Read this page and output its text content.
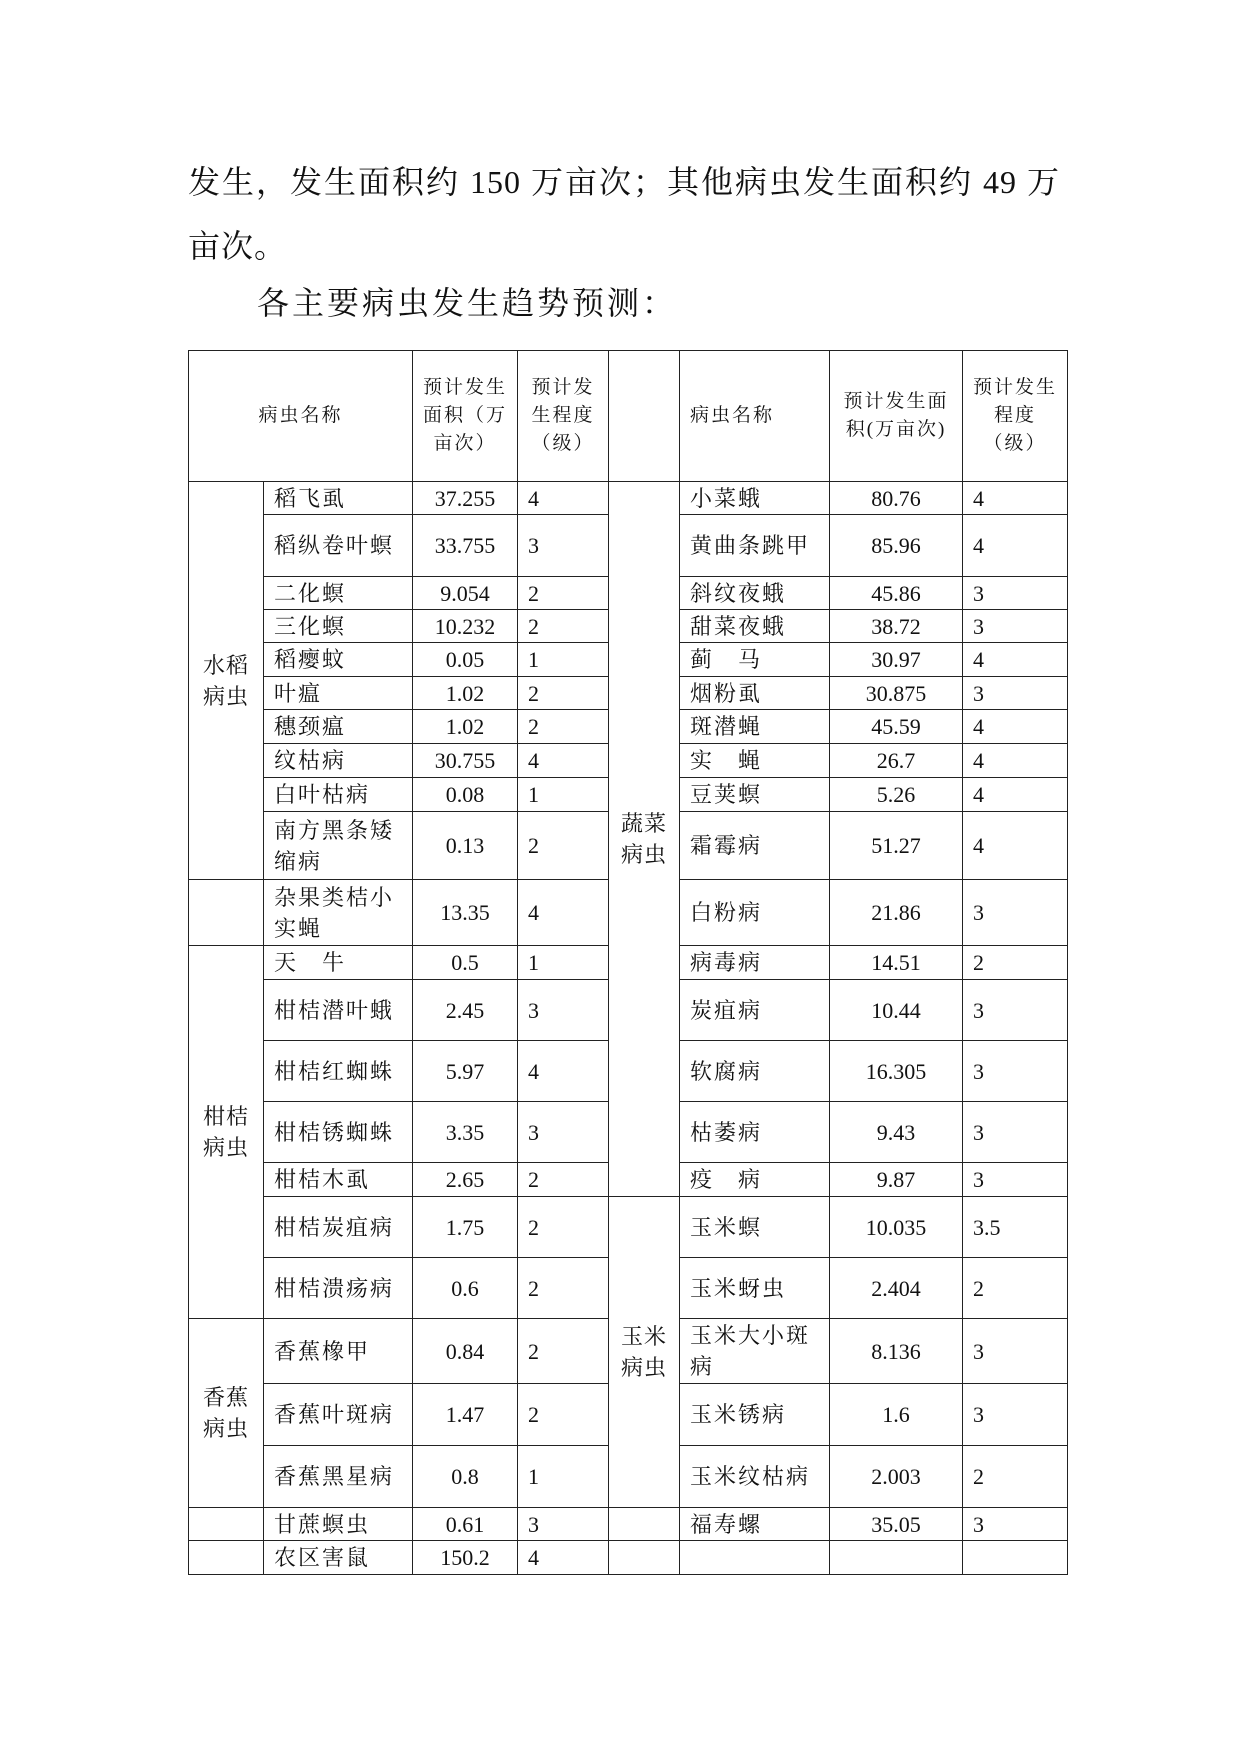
发生，发生面积约 150 万亩次；其他病虫发生面积约 49 万
亩次。
各主要病虫发生趋势预测：
病虫名称		预计发生面积（万亩次）	预计发生程度（级）		病虫名称	预计发生面积(万亩次)	预计发生程度（级）
水稻病虫	稻飞虱	37.255	4	蔬菜病虫	小菜蛾	80.76	4
	稻纵卷叶螟	33.755	3		黄曲条跳甲	85.96	4
	二化螟	9.054	2		斜纹夜蛾	45.86	3
	三化螟	10.232	2		甜菜夜蛾	38.72	3
	稻瘿蚊	0.05	1		蓟　马	30.97	4
	叶瘟	1.02	2		烟粉虱	30.875	3
	穗颈瘟	1.02	2		斑潜蝇	45.59	4
	纹枯病	30.755	4		实　蝇	26.7	4
	白叶枯病	0.08	1		豆荚螟	5.26	4
	南方黑条矮缩病	0.13	2		霜霉病	51.27	4
	杂果类桔小实蝇	13.35	4		白粉病	21.86	3
柑桔病虫	天　牛	0.5	1		病毒病	14.51	2
	柑桔潜叶蛾	2.45	3		炭疽病	10.44	3
	柑桔红蜘蛛	5.97	4		软腐病	16.305	3
	柑桔锈蜘蛛	3.35	3		枯萎病	9.43	3
	柑桔木虱	2.65	2		疫　病	9.87	3
	柑桔炭疽病	1.75	2	玉米病虫	玉米螟	10.035	3.5
	柑桔溃疡病	0.6	2		玉米蚜虫	2.404	2
香蕉病虫	香蕉橡甲	0.84	2		玉米大小斑病	8.136	3
	香蕉叶斑病	1.47	2		玉米锈病	1.6	3
	香蕉黑星病	0.8	1		玉米纹枯病	2.003	2
	甘蔗螟虫	0.61	3		福寿螺	35.05	3
	农区害鼠	150.2	4				
